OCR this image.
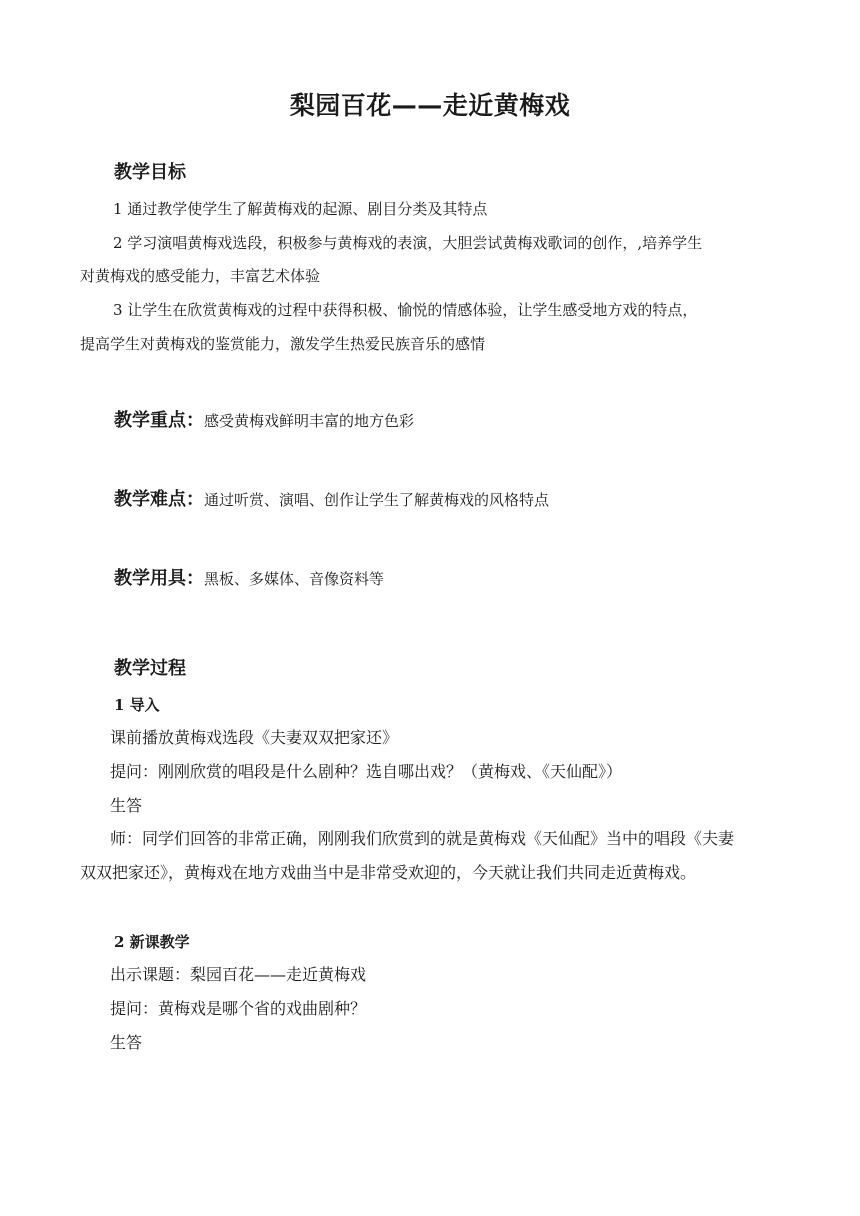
梨园百花——走近黄梅戏
教学目标
1 通过教学使学生了解黄梅戏的起源、剧目分类及其特点
2 学习演唱黄梅戏选段，积极参与黄梅戏的表演，大胆尝试黄梅戏歌词的创作，,培养学生
对黄梅戏的感受能力，丰富艺术体验
3 让学生在欣赏黄梅戏的过程中获得积极、愉悦的情感体验，让学生感受地方戏的特点，
提高学生对黄梅戏的鉴赏能力，激发学生热爱民族音乐的感情
教学重点：感受黄梅戏鲜明丰富的地方色彩
教学难点：通过听赏、演唱、创作让学生了解黄梅戏的风格特点
教学用具：黑板、多媒体、音像资料等
教学过程
1 导入
课前播放黄梅戏选段《夫妻双双把家还》
提问：刚刚欣赏的唱段是什么剧种？选自哪出戏？（黄梅戏、《天仙配》）
生答
师：同学们回答的非常正确，刚刚我们欣赏到的就是黄梅戏《天仙配》当中的唱段《夫妻
双双把家还》，黄梅戏在地方戏曲当中是非常受欢迎的，今天就让我们共同走近黄梅戏。
2 新课教学
出示课题：梨园百花——走近黄梅戏
提问：黄梅戏是哪个省的戏曲剧种？
生答
